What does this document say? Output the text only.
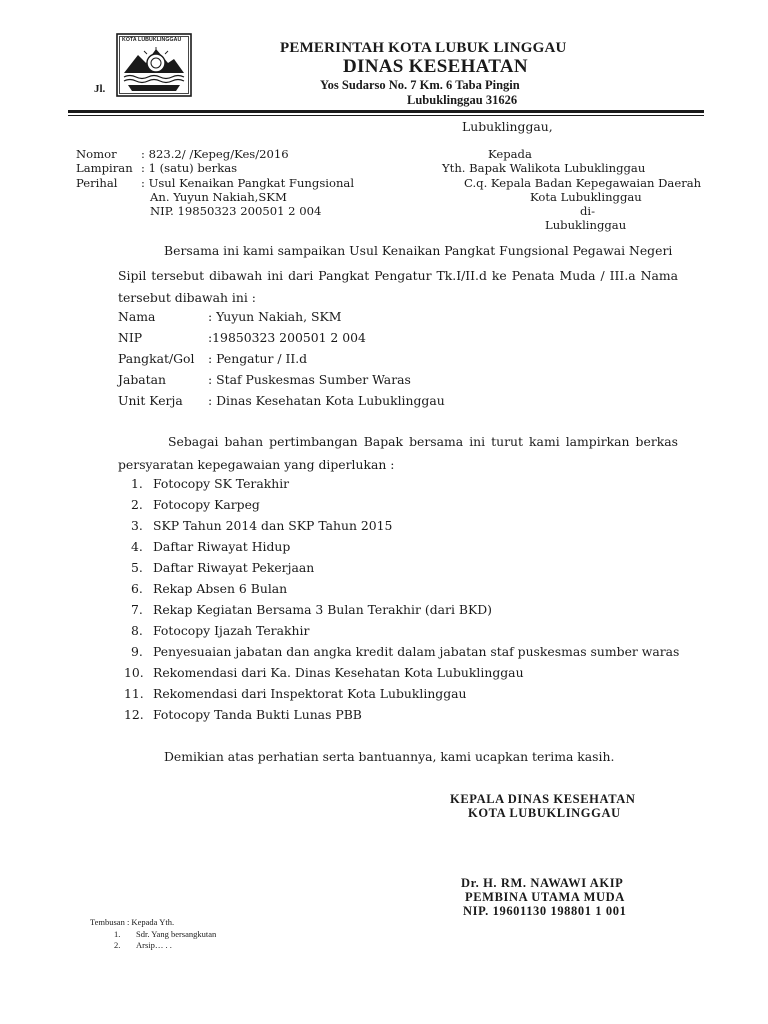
KOTA LUBUKLINGGAU	PEMERINTAH KOTA LUBUK LINGGAU
DINAS KESEHATAN
Jl.	Yos Sudarso No. 7 Km. 6 Taba Pingin
Lubuklinggau 31626
Lubuklinggau,
Nomor : 823.2/ /Kepeg/Kes/2016
Lampiran : 1 (satu) berkas
Perihal : Usul Kenaikan Pangkat Fungsional
An. Yuyun Nakiah,SKM
NIP. 19850323 200501 2 004
Kepada
Yth. Bapak Walikota Lubuklinggau
C.q. Kepala Badan Kepegawaian Daerah
Kota Lubuklinggau
di-
Lubuklinggau
Bersama ini kami sampaikan Usul Kenaikan Pangkat Fungsional Pegawai Negeri
Sipil tersebut dibawah ini dari Pangkat Pengatur Tk.I/II.d ke Penata Muda / III.a Nama
tersebut dibawah ini :
Nama	: Yuyun Nakiah, SKM
NIP	:19850323 200501 2 004
Pangkat/Gol : Pengatur / II.d
Jabatan	: Staf Puskesmas Sumber Waras
Unit Kerja : Dinas Kesehatan Kota Lubuklinggau
Sebagai bahan pertimbangan Bapak bersama ini turut kami lampirkan berkas
persyaratan kepegawaian yang diperlukan :
1. Fotocopy SK Terakhir
2. Fotocopy Karpeg
3. SKP Tahun 2014 dan SKP Tahun 2015
4. Daftar Riwayat Hidup
5. Daftar Riwayat Pekerjaan
6. Rekap Absen 6 Bulan
7. Rekap Kegiatan Bersama 3 Bulan Terakhir (dari BKD)
8. Fotocopy Ijazah Terakhir
9. Penyesuaian jabatan dan angka kredit dalam jabatan staf puskesmas sumber waras
10. Rekomendasi dari Ka. Dinas Kesehatan Kota Lubuklinggau
11. Rekomendasi dari Inspektorat Kota Lubuklinggau
12. Fotocopy Tanda Bukti Lunas PBB
Demikian atas perhatian serta bantuannya, kami ucapkan terima kasih.
KEPALA DINAS KESEHATAN
KOTA LUBUKLINGGAU
Dr. H. RM. NAWAWI AKIP
PEMBINA UTAMA MUDA
NIP. 19601130 198801 1 001
Tembusan : Kepada Yth.
1. Sdr. Yang bersangkutan
2. Arsip… . .
